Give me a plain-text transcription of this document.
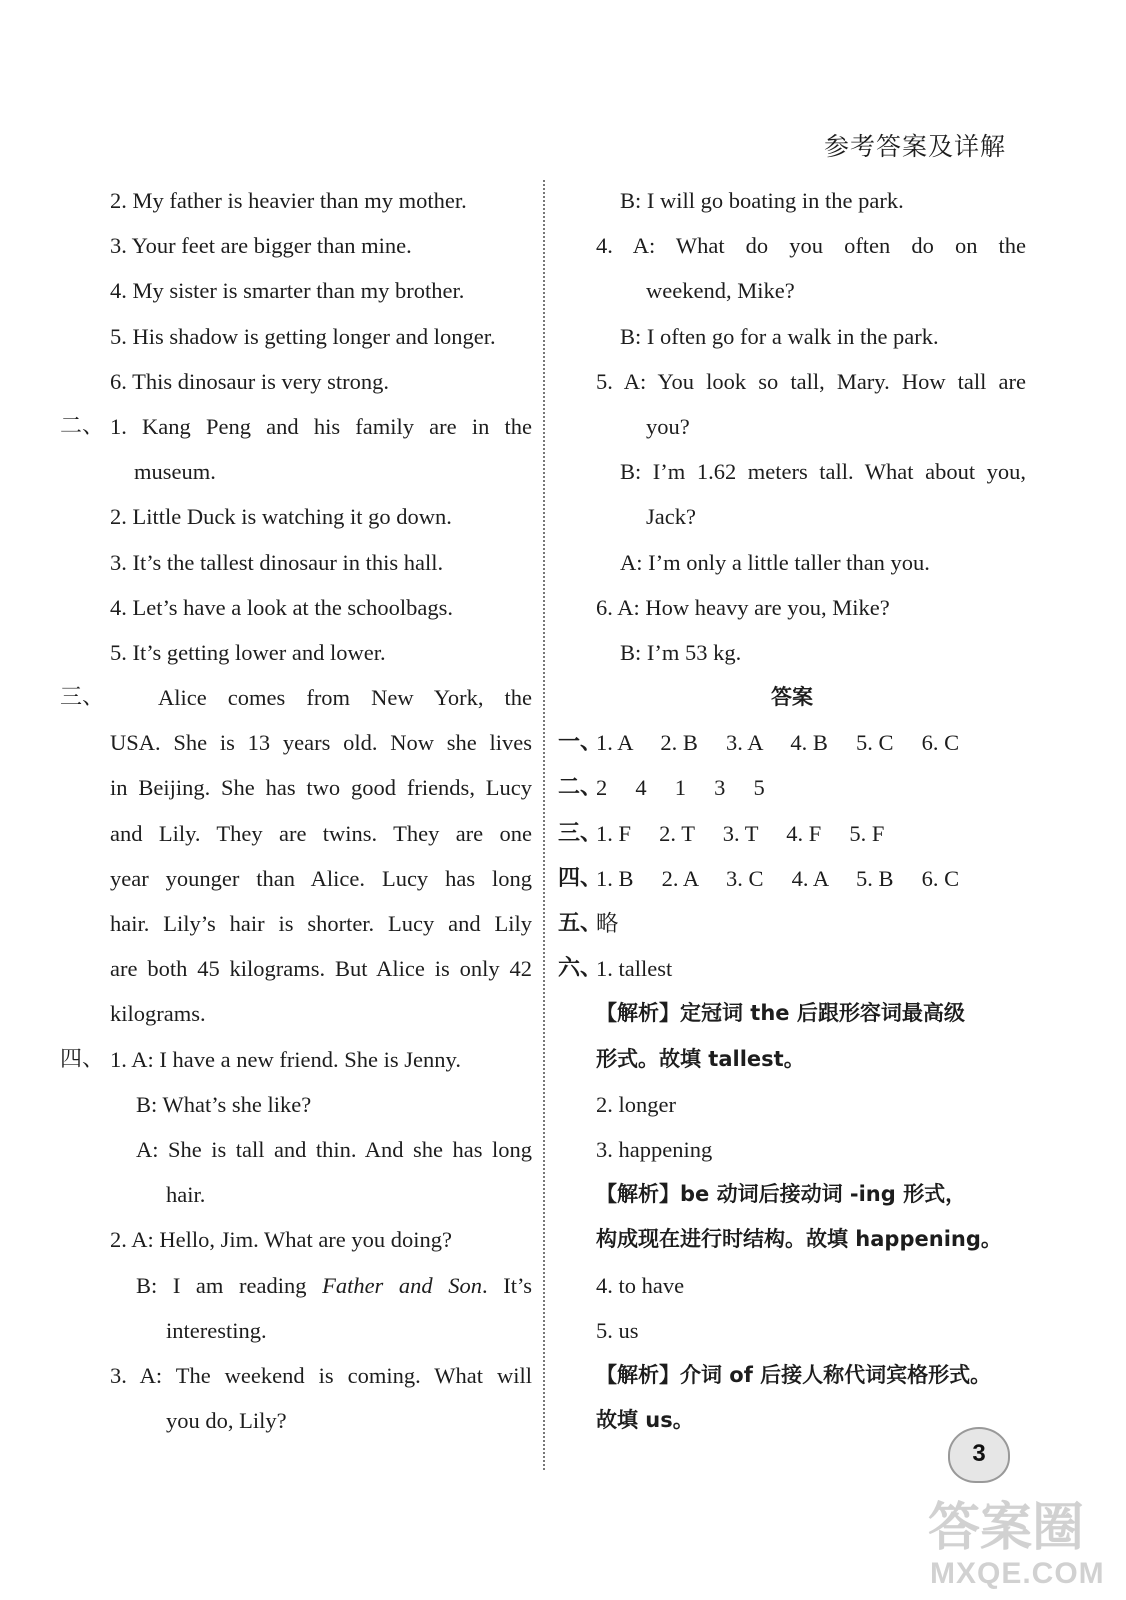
参考答案及详解
2. My father is heavier than my mother.
3. Your feet are bigger than mine.
4. My sister is smarter than my brother.
5. His shadow is getting longer and longer.
6. This dinosaur is very strong.
二、 1. Kang Peng and his family are in the
museum.
2. Little Duck is watching it go down.
3. It’s the tallest dinosaur in this hall.
4. Let’s have a look at the schoolbags.
5. It’s getting lower and lower.
三、 Alice comes from New York, the
USA. She is 13 years old. Now she lives
in Beijing. She has two good friends, Lucy
and Lily. They are twins. They are one
year younger than Alice. Lucy has long
hair. Lily’s hair is shorter. Lucy and Lily
are both 45 kilograms. But Alice is only 42
kilograms.
四、 1. A: I have a new friend. She is Jenny.
B: What’s she like?
A: She is tall and thin. And she has long
hair.
2. A: Hello, Jim. What are you doing?
B: I am reading Father and Son. It’s
interesting.
3. A: The weekend is coming. What will
you do, Lily?
B: I will go boating in the park.
4. A: What do you often do on the
weekend, Mike?
B: I often go for a walk in the park.
5. A: You look so tall, Mary. How tall are
you?
B: I’m 1.62 meters tall. What about you,
Jack?
A: I’m only a little taller than you.
6. A: How heavy are you, Mike?
B: I’m 53 kg.
答案
一、
1. A     2. B     3. A     4. B     5. C     6. C
二、
2     4     1     3     5
三、
1. F     2. T     3. T     4. F     5. F
四、
1. B     2. A     3. C     4. A     5. B     6. C
五、
略
六、
1. tallest
【解析】定冠词 the 后跟形容词最高级
形式。故填 tallest。
2. longer
3. happening
【解析】be 动词后接动词 -ing 形式，
构成现在进行时结构。故填 happening。
4. to have
5. us
【解析】介词 of 后接人称代词宾格形式。
故填 us。
3
答案圈
MXQE.COM
